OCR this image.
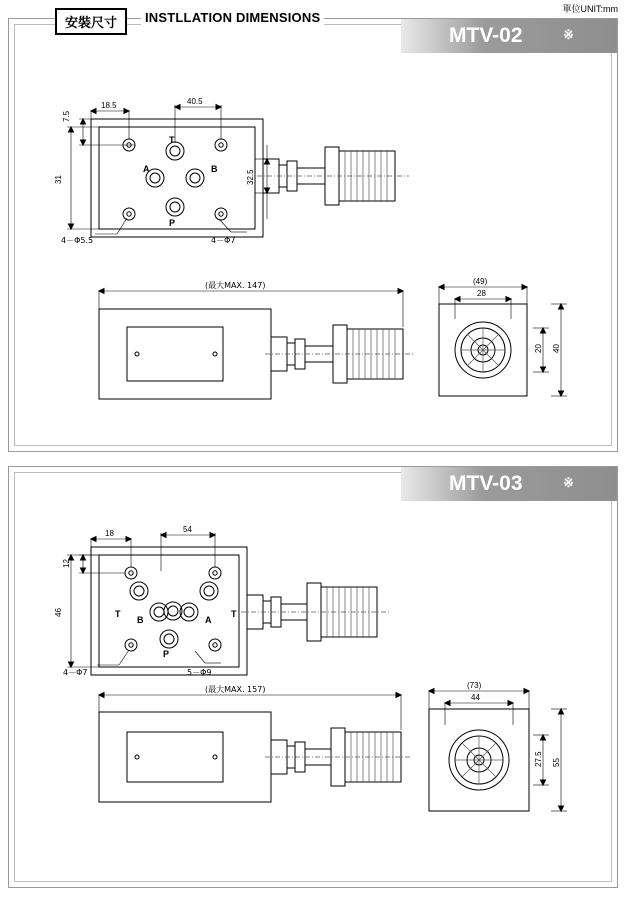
單位UNIT:mm
MTV-02	※
18.5	40.5
7.5
31	32.5
T
A	B
P
4－Φ5.5	4－Φ7
(最大MAX. 147)	(49)
28
20 40
安裝尺寸	INSTLLATION DIMENSIONS
MTV-03	※
18	54
12
46	T
B	A
T
P
4－Φ7	5－Φ9
(最大MAX. 157)	(73)
44
27.5 55
